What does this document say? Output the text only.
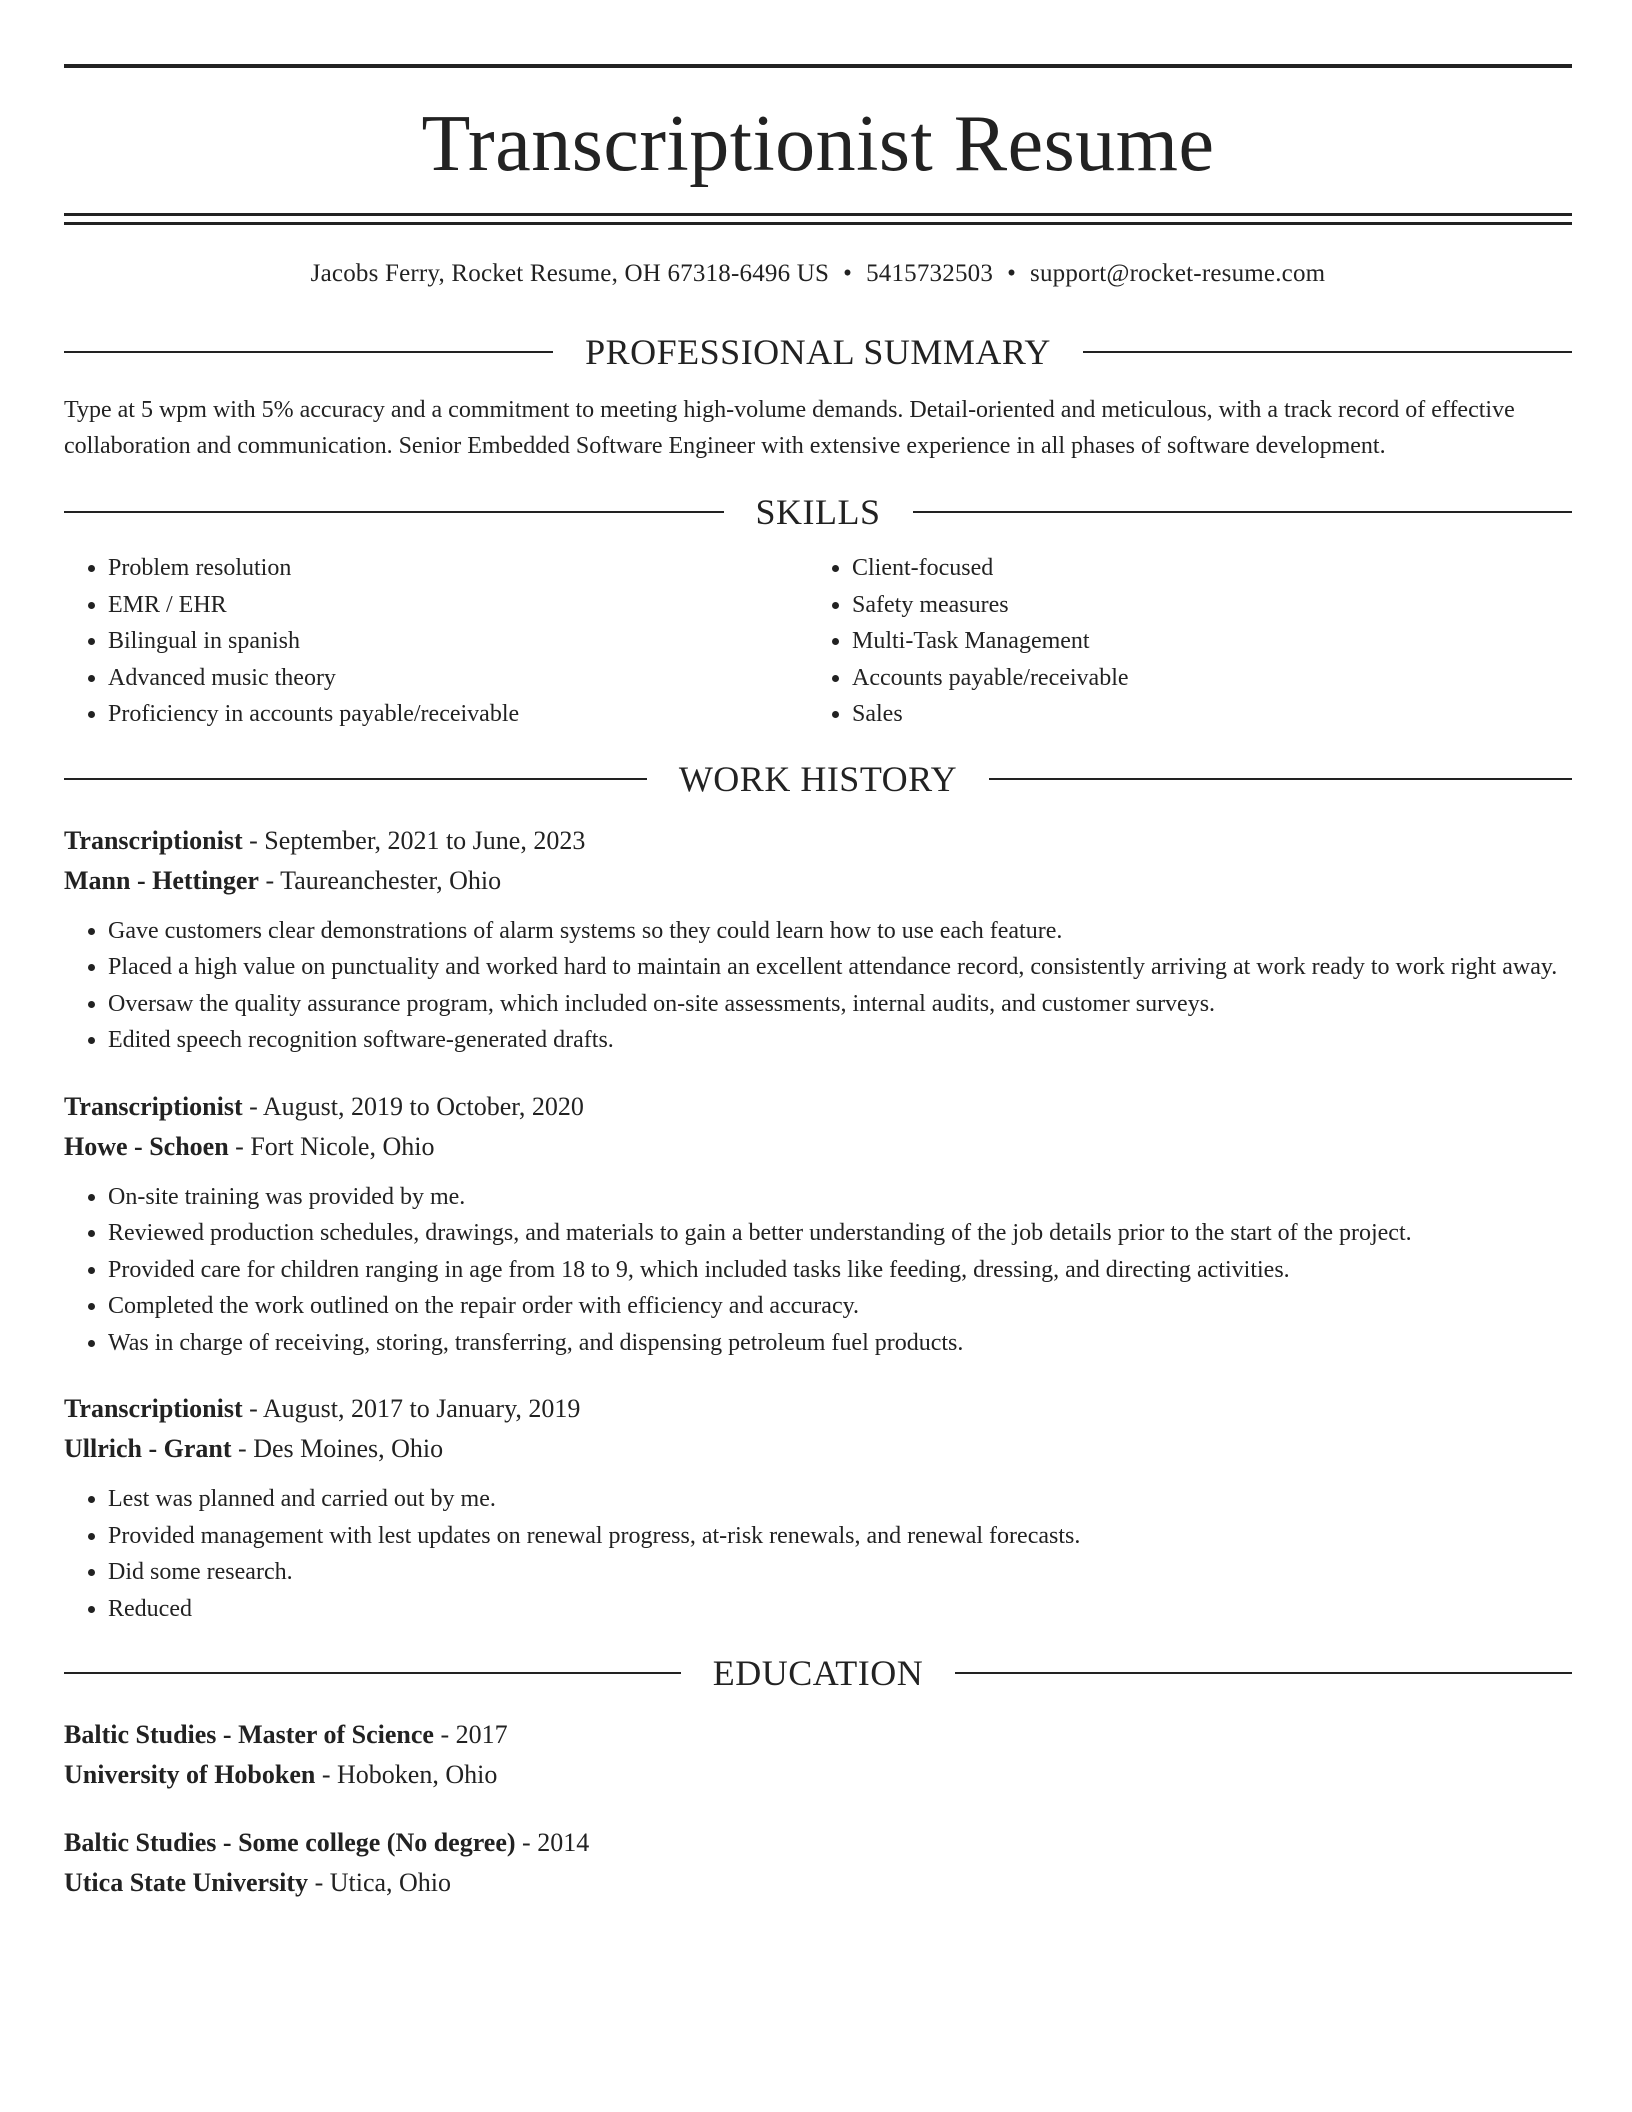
Transcriptionist Resume
Jacobs Ferry, Rocket Resume, OH 67318-6496 US • 5415732503 • support@rocket-resume.com
PROFESSIONAL SUMMARY

Type at 5 wpm with 5% accuracy and a commitment to meeting high-volume demands. Detail-oriented and meticulous, with a track record of effective collaboration and communication. Senior Embedded Software Engineer with extensive experience in all phases of software development.

SKILLS
• Problem resolution
• EMR / EHR
• Bilingual in spanish
• Advanced music theory
• Proficiency in accounts payable/receivable
• Client-focused
• Safety measures
• Multi-Task Management
• Accounts payable/receivable
• Sales
WORK HISTORY
Transcriptionist - September, 2021 to June, 2023
Mann - Hettinger - Taureanchester, Ohio
• Gave customers clear demonstrations of alarm systems so they could learn how to use each feature.
• Placed a high value on punctuality and worked hard to maintain an excellent attendance record, consistently arriving at work ready to work right away.
• Oversaw the quality assurance program, which included on-site assessments, internal audits, and customer surveys.
• Edited speech recognition software-generated drafts.
Transcriptionist - August, 2019 to October, 2020
Howe - Schoen - Fort Nicole, Ohio
• On-site training was provided by me.
• Reviewed production schedules, drawings, and materials to gain a better understanding of the job details prior to the start of the project.
• Provided care for children ranging in age from 18 to 9, which included tasks like feeding, dressing, and directing activities.
• Completed the work outlined on the repair order with efficiency and accuracy.
• Was in charge of receiving, storing, transferring, and dispensing petroleum fuel products.
Transcriptionist - August, 2017 to January, 2019
Ullrich - Grant - Des Moines, Ohio
• Lest was planned and carried out by me.
• Provided management with lest updates on renewal progress, at-risk renewals, and renewal forecasts.
• Did some research.
• Reduced
EDUCATION
Baltic Studies - Master of Science - 2017
University of Hoboken - Hoboken, Ohio
Baltic Studies - Some college (No degree) - 2014
Utica State University - Utica, Ohio
